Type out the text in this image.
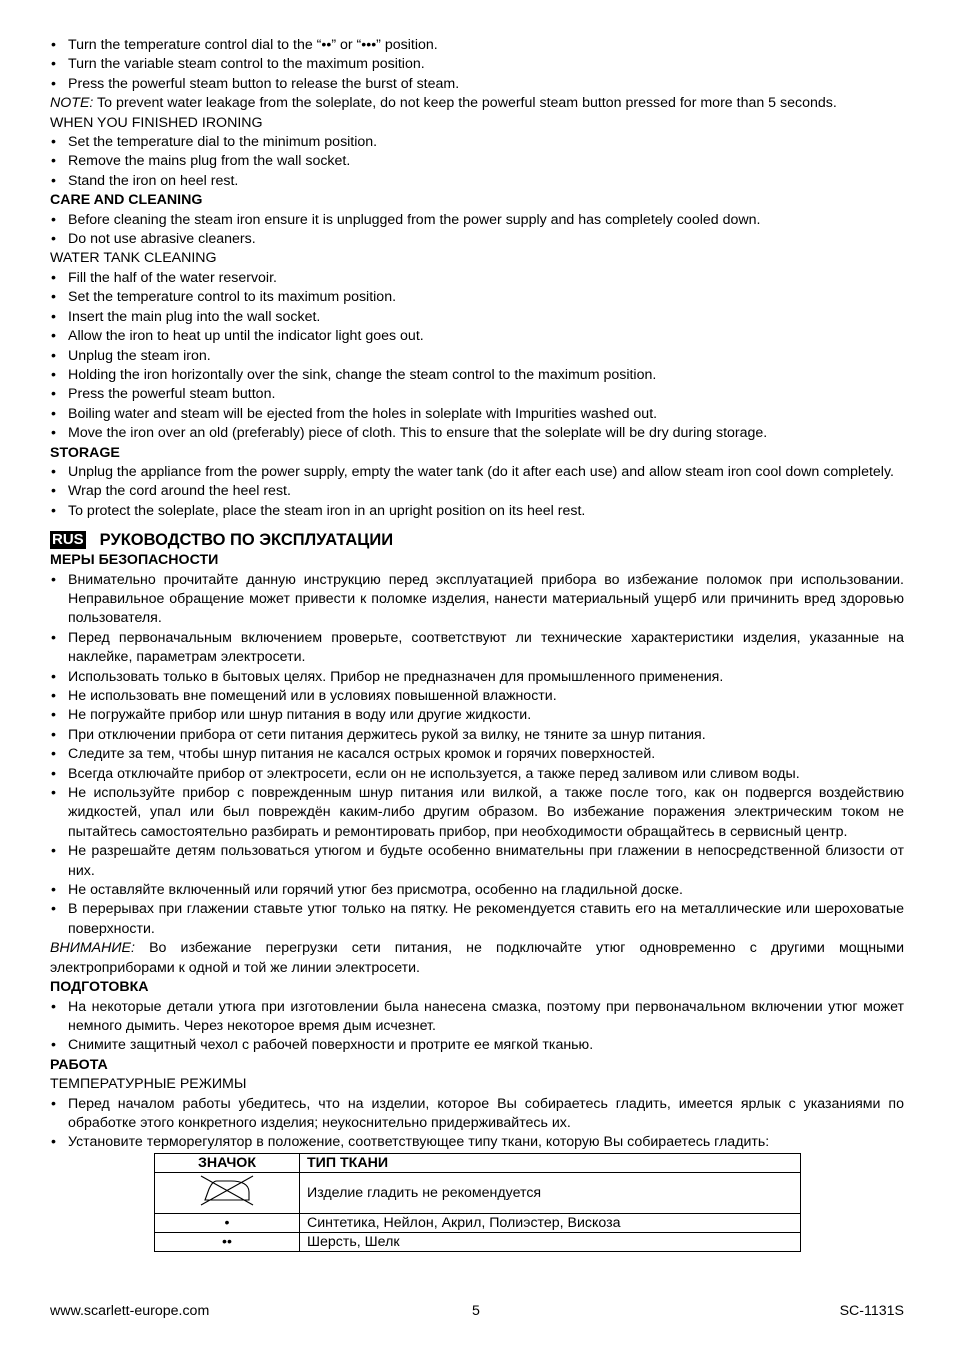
• Turn the temperature control dial to the “••” or “•••” position.
• Turn the variable steam control to the maximum position.
• Press the powerful steam button to release the burst of steam.

NOTE: To prevent water leakage from the soleplate, do not keep the powerful steam button pressed for more than 5 seconds.

WHEN YOU FINISHED IRONING

• Set the temperature dial to the minimum position.
• Remove the mains plug from the wall socket.
• Stand the iron on heel rest.

CARE AND CLEANING

• Before cleaning the steam iron ensure it is unplugged from the power supply and has completely cooled down.
• Do not use abrasive cleaners.

WATER TANK CLEANING

• Fill the half of the water reservoir.
• Set the temperature control to its maximum position.
• Insert the main plug into the wall socket.
• Allow the iron to heat up until the indicator light goes out.
• Unplug the steam iron.
• Holding the iron horizontally over the sink, change the steam control to the maximum position.
• Press the powerful steam button.
• Boiling water and steam will be ejected from the holes in soleplate with Impurities washed out.
• Move the iron over an old (preferably) piece of cloth. This to ensure that the soleplate will be dry during storage.

STORAGE

• Unplug the appliance from the power supply, empty the water tank (do it after each use) and allow steam iron cool down completely.
• Wrap the cord around the heel rest.
• To protect the soleplate, place the steam iron in an upright position on its heel rest.
RUS РУКОВОДСТВО ПО ЭКСПЛУАТАЦИИ

МЕРЫ БЕЗОПАСНОСТИ

• Внимательно прочитайте данную инструкцию перед эксплуатацией прибора во избежание поломок при использовании. Неправильное обращение может привести к поломке изделия, нанести материальный ущерб или причинить вред здоровью пользователя.
• Перед первоначальным включением проверьте, соответствуют ли технические характеристики изделия, указанные на наклейке, параметрам электросети.
• Использовать только в бытовых целях. Прибор не предназначен для промышленного применения.
• Не использовать вне помещений или в условиях повышенной влажности.
• Не погружайте прибор или шнур питания в воду или другие жидкости.
• При отключении прибора от сети питания держитесь рукой за вилку, не тяните за шнур питания.
• Следите за тем, чтобы шнур питания не касался острых кромок и горячих поверхностей.
• Всегда отключайте прибор от электросети, если он не используется, а также перед заливом или сливом воды.
• Не используйте прибор с поврежденным шнур питания или вилкой, а также после того, как он подвергся воздействию жидкостей, упал или был повреждён каким-либо другим образом. Во избежание поражения электрическим током не пытайтесь самостоятельно разбирать и ремонтировать прибор, при необходимости обращайтесь в сервисный центр.
• Не разрешайте детям пользоваться утюгом и будьте особенно внимательны при глажении в непосредственной близости от них.
• Не оставляйте включенный или горячий утюг без присмотра, особенно на гладильной доске.
• В перерывах при глажении ставьте утюг только на пятку. Не рекомендуется ставить его на металлические или шероховатые поверхности.

ВНИМАНИЕ: Во избежание перегрузки сети питания, не подключайте утюг одновременно с другими мощными электроприборами к одной и той же линии электросети.

ПОДГОТОВКА

• На некоторые детали утюга при изготовлении была нанесена смазка, поэтому при первоначальном включении утюг может немного дымить. Через некоторое время дым исчезнет.
• Снимите защитный чехол с рабочей поверхности и протрите ее мягкой тканью.

РАБОТА

ТЕМПЕРАТУРНЫЕ РЕЖИМЫ

• Перед началом работы убедитесь, что на изделии, которое Вы собираетесь гладить, имеется ярлык с указаниями по обработке этого конкретного изделия; неукоснительно придерживайтесь их.
• Установите терморегулятор в положение, соответствующее типу ткани, которую Вы собираетесь гладить:
ЗНАЧОК	ТИП ТКАНИ
	Изделие гладить не рекомендуется
•	Синтетика, Нейлон, Акрил, Полиэстер, Вискоза
••	Шерсть, Шелк
www.scarlett-europe.com	5	SC-1131S
